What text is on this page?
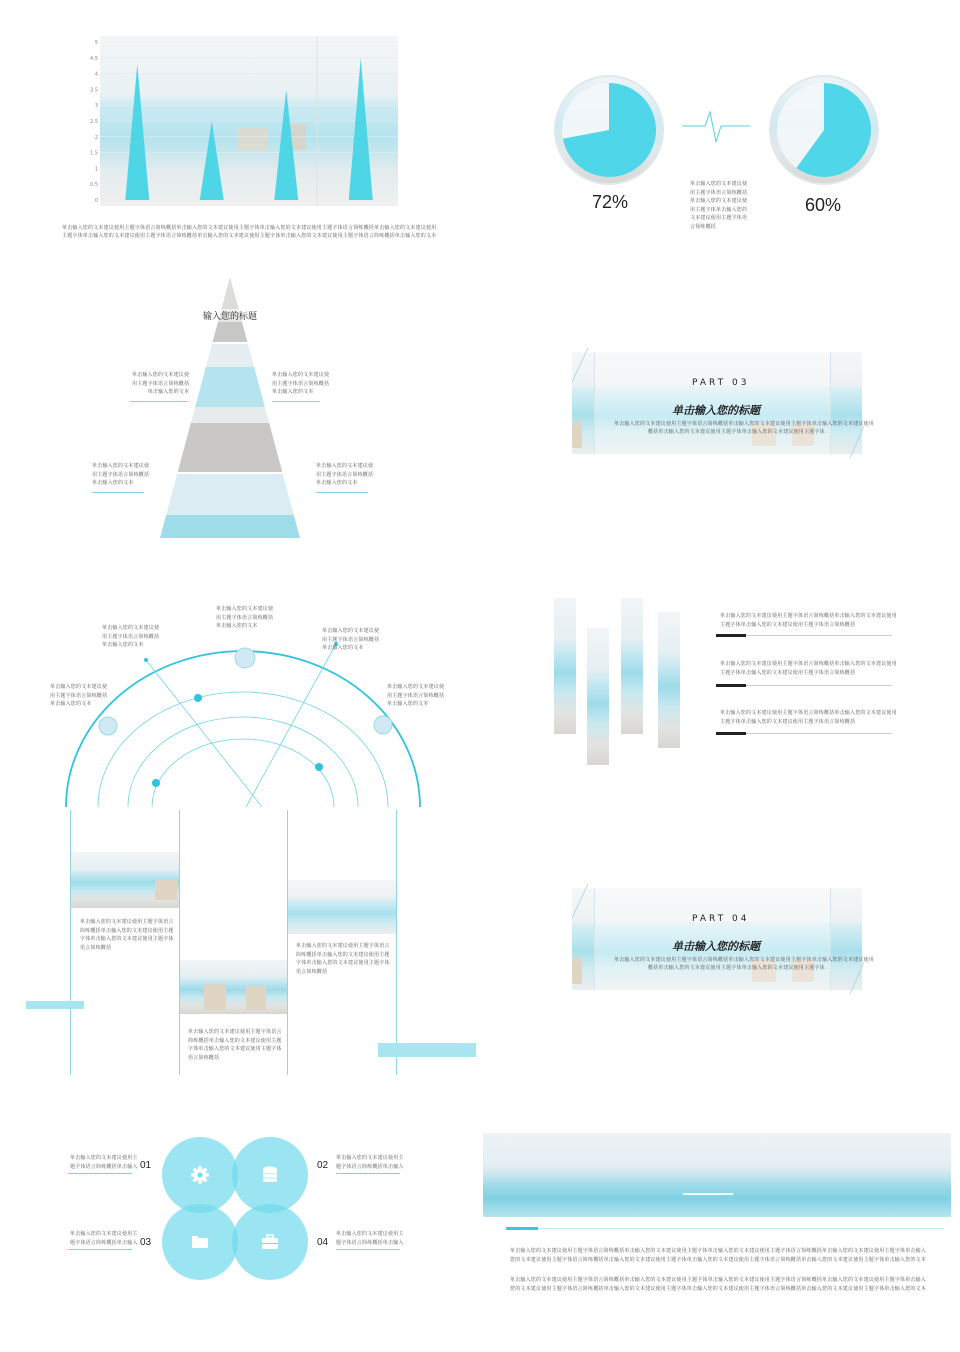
0
0.5
1
1.5
2
2.5
3
3.5
4
4.5
5
单击输入您的文本建议使用主题字体语言简练概括单击输入您的文本建议使用主题字体单击输入您的文本建议使用主题字体语言简练概括单击输入您的文本建议使用
主题字体单击输入您的文本建议使用主题字体语言简练概括单击输入您的文本建议使用主题字体单击输入您的文本建议使用主题字体语言简练概括单击输入您的文本
72%	60%
单击输入您的文本建议使
用主题字体语言简练概括
单击输入您的文本建议使
用主题字体单击输入您的
文本建议使用主题字体语
言简练概括
输入您的标题
单击输入您的文本建议使
用主题字体语言简练概括
单击输入您的文本
单击输入您的文本建议使
用主题字体语言简练概括
单击输入您的文本
单击输入您的文本建议使
用主题字体语言简练概括
单击输入您的文本
单击输入您的文本建议使
用主题字体语言简练概括
单击输入您的文本
PART 03
单击输入您的标题
单击输入您的文本建议使用主题字体语言简练概括单击输入您的文本建议使用主题字体单击输入您的文本建议使用
概括单击输入您的文本建议使用主题字体单击输入您的文本建议使用主题字体
单击输入您的文本建议使
用主题字体语言简练概括
单击输入您的文本
单击输入您的文本建议使
用主题字体语言简练概括
单击输入您的文本
单击输入您的文本建议使
用主题字体语言简练概括
单击输入您的文本
单击输入您的文本建议使
用主题字体语言简练概括
单击输入您的文本
单击输入您的文本建议使
用主题字体语言简练概括
单击输入您的文本
单击输入您的文本建议使用主题字体语言简练概括单击输入您的文本建议使用
主题字体单击输入您的文本建议使用主题字体语言简练概括
单击输入您的文本建议使用主题字体语言简练概括单击输入您的文本建议使用
主题字体单击输入您的文本建议使用主题字体语言简练概括
单击输入您的文本建议使用主题字体语言简练概括单击输入您的文本建议使用
主题字体单击输入您的文本建议使用主题字体语言简练概括
单击输入您的文本建议使用主题字体语言
简练概括单击输入您的文本建议使用主题
字体单击输入您的文本建议使用主题字体
语言简练概括
单击输入您的文本建议使用主题字体语言
简练概括单击输入您的文本建议使用主题
字体单击输入您的文本建议使用主题字体
语言简练概括
单击输入您的文本建议使用主题字体语言
简练概括单击输入您的文本建议使用主题
字体单击输入您的文本建议使用主题字体
语言简练概括
PART 04
单击输入您的标题
单击输入您的文本建议使用主题字体语言简练概括单击输入您的文本建议使用主题字体单击输入您的文本建议使用
概括单击输入您的文本建议使用主题字体单击输入您的文本建议使用主题字体
单击输入您的文本建议使用主
题字体语言简练概括单击输入 01	02
单击输入您的文本建议使用主
题字体语言简练概括单击输入
单击输入您的文本建议使用主
题字体语言简练概括单击输入 03	04
单击输入您的文本建议使用主
题字体语言简练概括单击输入
单击输入您的文本建议使用主题字体语言简练概括单击输入您的文本建议使用主题字体单击输入您的文本建议使用主题字体语言简练概括单击输入您的文本建议使用主题字体单击输入
您的文本建议使用主题字体语言简练概括单击输入您的文本建议使用主题字体单击输入您的文本建议使用主题字体语言简练概括单击输入您的文本建议使用主题字体单击输入您的文本
单击输入您的文本建议使用主题字体语言简练概括单击输入您的文本建议使用主题字体单击输入您的文本建议使用主题字体语言简练概括单击输入您的文本建议使用主题字体单击输入
您的文本建议使用主题字体语言简练概括单击输入您的文本建议使用主题字体单击输入您的文本建议使用主题字体语言简练概括单击输入您的文本建议使用主题字体单击输入您的文本
